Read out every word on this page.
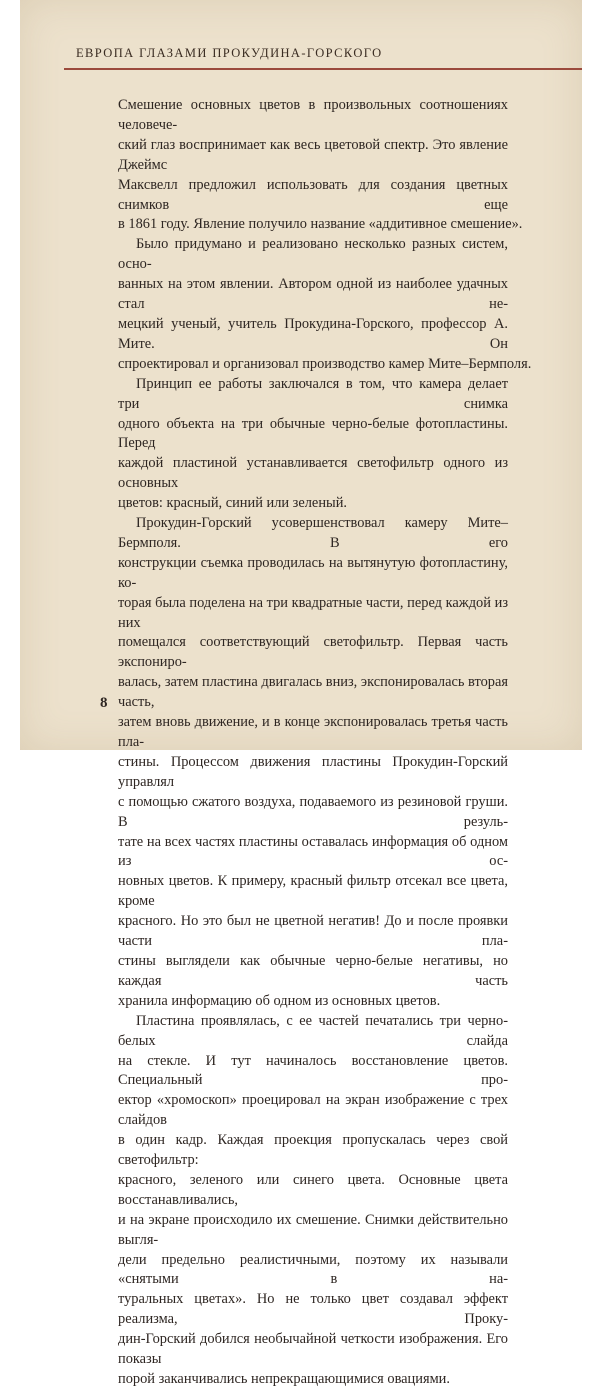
ЕВРОПА ГЛАЗАМИ ПРОКУДИНА-ГОРСКОГО
Смешение основных цветов в произвольных соотношениях человече-
ский глаз воспринимает как весь цветовой спектр. Это явление Джеймс
Максвелл предложил использовать для создания цветных снимков еще
в 1861 году. Явление получило название «аддитивное смешение».
Было придумано и реализовано несколько разных систем, осно-
ванных на этом явлении. Автором одной из наиболее удачных стал не-
мецкий ученый, учитель Прокудина-Горского, профессор А. Мите. Он
спроектировал и организовал производство камер Мите–Бермполя.
Принцип ее работы заключался в том, что камера делает три снимка
одного объекта на три обычные черно-белые фотопластины. Перед
каждой пластиной устанавливается светофильтр одного из основных
цветов: красный, синий или зеленый.
Прокудин-Горский усовершенствовал камеру Мите–Бермполя. В его
конструкции съемка проводилась на вытянутую фотопластину, ко-
торая была поделена на три квадратные части, перед каждой из них
помещался соответствующий светофильтр. Первая часть экспониро-
валась, затем пластина двигалась вниз, экспонировалась вторая часть,
затем вновь движение, и в конце экспонировалась третья часть пла-
стины. Процессом движения пластины Прокудин-Горский управлял
с помощью сжатого воздуха, подаваемого из резиновой груши. В резуль-
тате на всех частях пластины оставалась информация об одном из ос-
новных цветов. К примеру, красный фильтр отсекал все цвета, кроме
красного. Но это был не цветной негатив! До и после проявки части пла-
стины выглядели как обычные черно-белые негативы, но каждая часть
хранила информацию об одном из основных цветов.
Пластина проявлялась, с ее частей печатались три черно-белых слайда
на стекле. И тут начиналось восстановление цветов. Специальный про-
ектор «хромоскоп» проецировал на экран изображение с трех слайдов
в один кадр. Каждая проекция пропускалась через свой светофильтр:
красного, зеленого или синего цвета. Основные цвета восстанавливались,
и на экране происходило их смешение. Снимки действительно выгля-
дели предельно реалистичными, поэтому их называли «снятыми в на-
туральных цветах». Но не только цвет создавал эффект реализма, Проку-
дин-Горский добился необычайной четкости изображения. Его показы
порой заканчивались непрекращающимися овациями.
8
